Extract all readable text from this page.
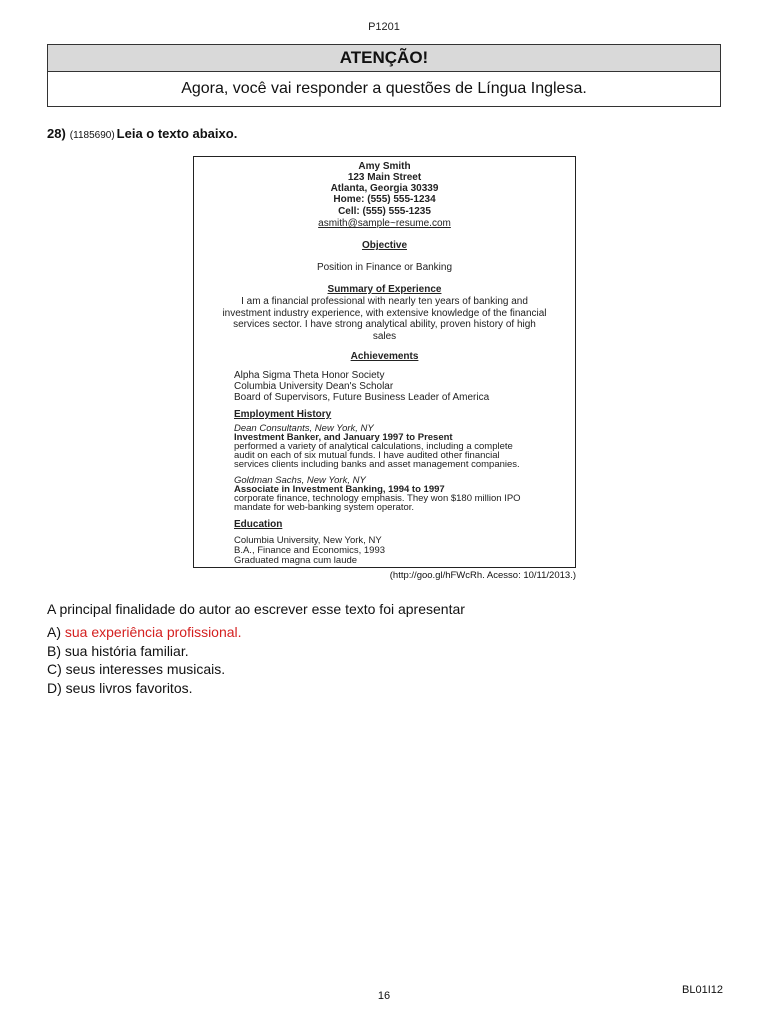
P1201
ATENÇÃO!
Agora, você vai responder a questões de Língua Inglesa.
28) (1185690) Leia o texto abaixo.
Amy Smith
123 Main Street
Atlanta, Georgia 30339
Home: (555) 555-1234
Cell: (555) 555-1235
asmith@sample~resume.com
Objective
Position in Finance or Banking
Summary of Experience
I am a financial professional with nearly ten years of banking and
investment industry experience, with extensive knowledge of the financial
services sector. I have strong analytical ability, proven history of high
sales
Achievements
Alpha Sigma Theta Honor Society
Columbia University Dean's Scholar
Board of Supervisors, Future Business Leader of America
Employment History
Dean Consultants, New York, NY
Investment Banker, and January 1997 to Present
performed a variety of analytical calculations, including a complete
audit on each of six mutual funds. I have audited other financial
services clients including banks and asset management companies.
Goldman Sachs, New York, NY
Associate in Investment Banking, 1994 to 1997
corporate finance, technology emphasis. They won $180 million IPO
mandate for web-banking system operator.
Education
Columbia University, New York, NY
B.A., Finance and Economics, 1993
Graduated magna cum laude
(http://goo.gl/hFWcRh. Acesso: 10/11/2013.)
A principal finalidade do autor ao escrever esse texto foi apresentar
A) sua experiência profissional.
B) sua história familiar.
C) seus interesses musicais.
D) seus livros favoritos.
16	BL01I12
